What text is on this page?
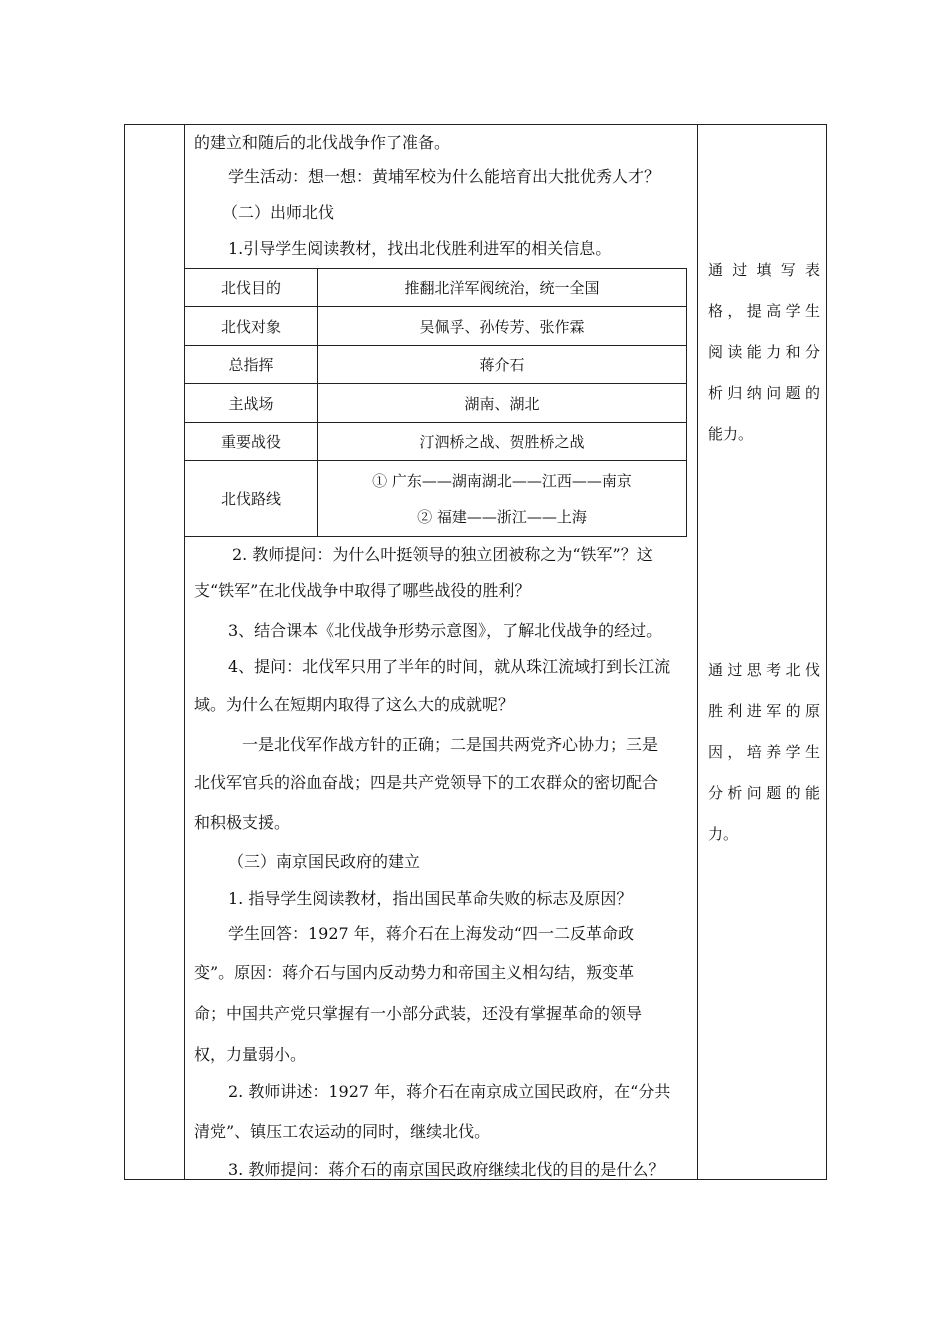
的建立和随后的北伐战争作了准备。
学生活动：想一想：黄埔军校为什么能培育出大批优秀人才？
（二）出师北伐
1.引导学生阅读教材，找出北伐胜利进军的相关信息。
北伐目的	推翻北洋军阀统治，统一全国
北伐对象	吴佩孚、孙传芳、张作霖
总指挥	蒋介石
主战场	湖南、湖北
重要战役	汀泗桥之战、贺胜桥之战
北伐路线	① 广东——湖南湖北——江西——南京
② 福建——浙江——上海
2. 教师提问：为什么叶挺领导的独立团被称之为“铁军”？这
支“铁军”在北伐战争中取得了哪些战役的胜利？
3、结合课本《北伐战争形势示意图》，了解北伐战争的经过。
4、提问：北伐军只用了半年的时间，就从珠江流域打到长江流
域。为什么在短期内取得了这么大的成就呢？
一是北伐军作战方针的正确；二是国共两党齐心协力；三是
北伐军官兵的浴血奋战；四是共产党领导下的工农群众的密切配合
和积极支援。
（三）南京国民政府的建立
1. 指导学生阅读教材，指出国民革命失败的标志及原因？
学生回答：1927 年，蒋介石在上海发动“四一二反革命政
变”。原因：蒋介石与国内反动势力和帝国主义相勾结，叛变革
命；中国共产党只掌握有一小部分武装，还没有掌握革命的领导
权，力量弱小。
2. 教师讲述：1927 年，蒋介石在南京成立国民政府，在“分共
清党”、镇压工农运动的同时，继续北伐。
3. 教师提问：蒋介石的南京国民政府继续北伐的目的是什么？
通过填写表
格，提高学生
阅读能力和分
析归纳问题的
能力。
通过思考北伐
胜利进军的原
因，培养学生
分析问题的能
力。
